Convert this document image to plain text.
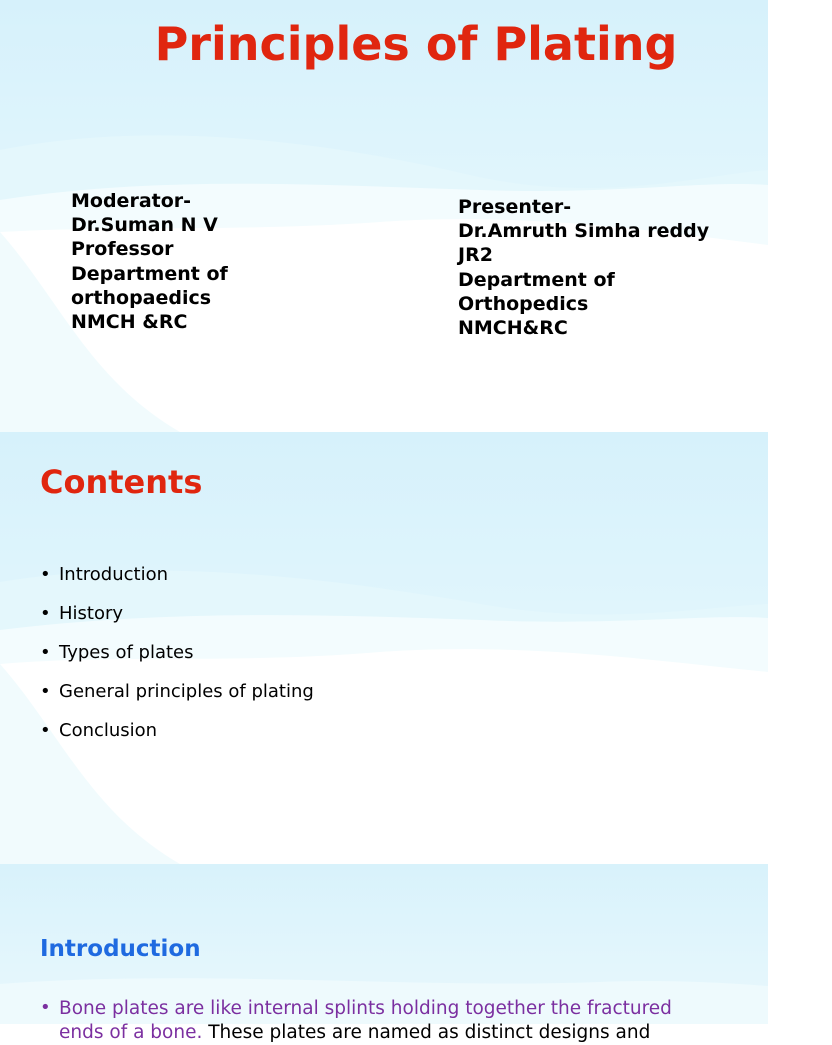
Principles of Plating
Moderator-
Dr.Suman N V
Professor
Department of
orthopaedics
NMCH &RC
Presenter-
Dr.Amruth Simha reddy
JR2
Department of
Orthopedics
NMCH&RC
Contents
• Introduction
• History
• Types of plates
• General principles of plating
• Conclusion
Introduction
• Bone plates are like internal splints holding together the fractured
ends of a bone. These plates are named as distinct designs and
